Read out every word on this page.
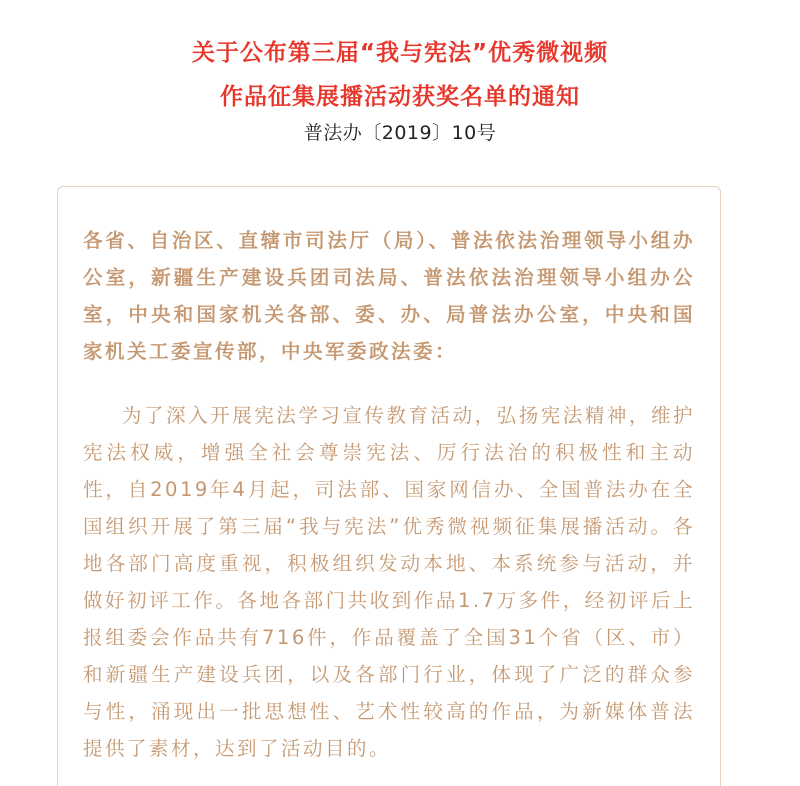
关于公布第三届“我与宪法”优秀微视频
作品征集展播活动获奖名单的通知
普法办〔2019〕10号

各省、自治区、直辖市司法厅（局）、普法依法治理领导小组办公室，新疆生产建设兵团司法局、普法依法治理领导小组办公室，中央和国家机关各部、委、办、局普法办公室，中央和国家机关工委宣传部，中央军委政法委：

为了深入开展宪法学习宣传教育活动，弘扬宪法精神，维护宪法权威，增强全社会尊崇宪法、厉行法治的积极性和主动性，自2019年4月起，司法部、国家网信办、全国普法办在全国组织开展了第三届“我与宪法”优秀微视频征集展播活动。各地各部门高度重视，积极组织发动本地、本系统参与活动，并做好初评工作。各地各部门共收到作品1.7万多件，经初评后上报组委会作品共有716件，作品覆盖了全国31个省（区、市）和新疆生产建设兵团，以及各部门行业，体现了广泛的群众参与性，涌现出一批思想性、艺术性较高的作品，为新媒体普法提供了素材，达到了活动目的。
